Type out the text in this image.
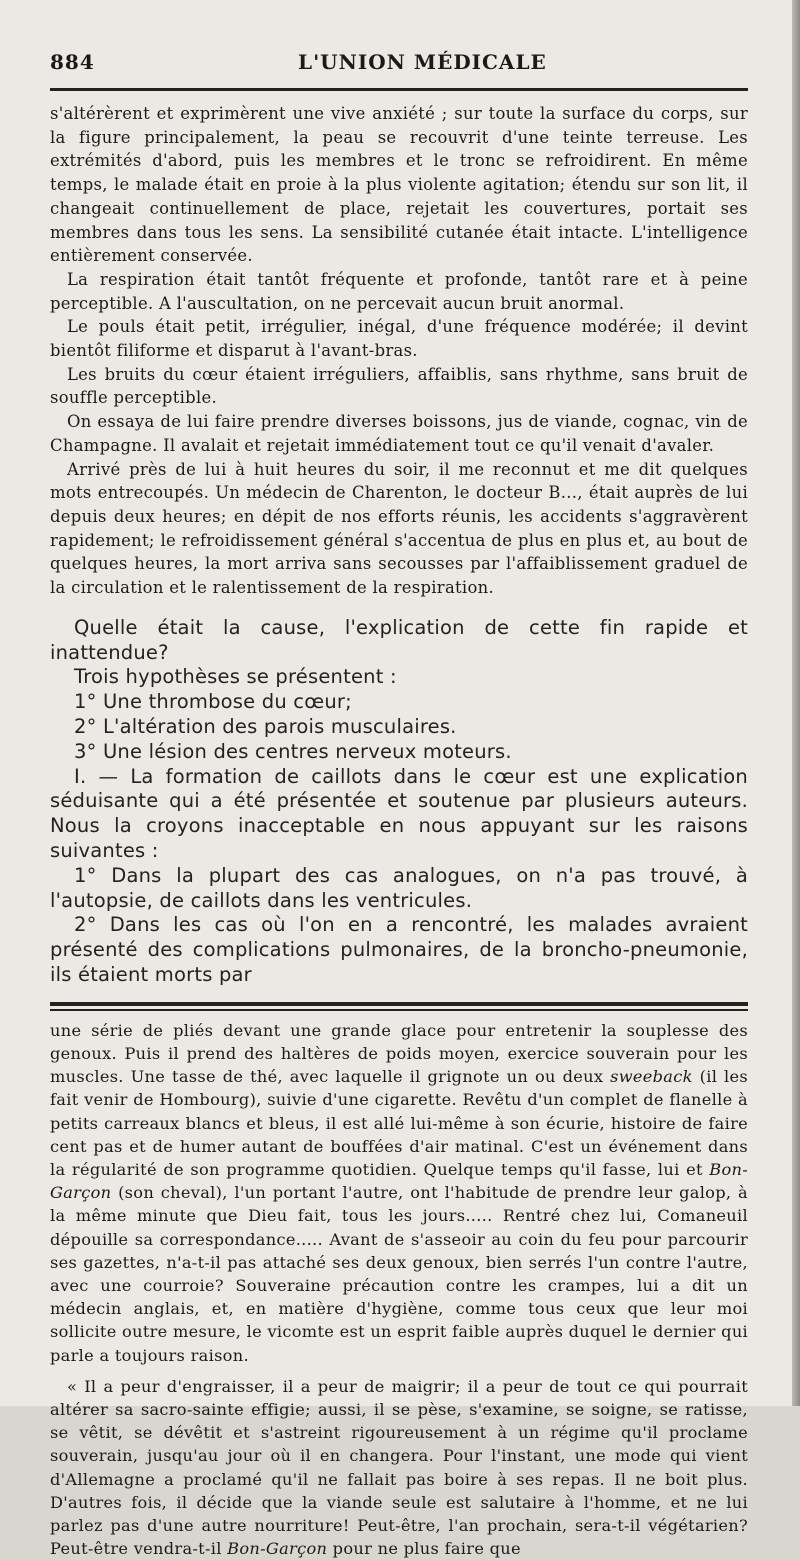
884	L'UNION MÉDICALE

s'altérèrent et exprimèrent une vive anxiété ; sur toute la surface du corps, sur la figure principalement, la peau se recouvrit d'une teinte terreuse. Les extrémités d'abord, puis les membres et le tronc se refroidirent. En même temps, le malade était en proie à la plus violente agitation; étendu sur son lit, il changeait continuellement de place, rejetait les couvertures, portait ses membres dans tous les sens. La sensibilité cutanée était intacte. L'intelligence entièrement conservée.

La respiration était tantôt fréquente et profonde, tantôt rare et à peine perceptible. A l'auscultation, on ne percevait aucun bruit anormal.

Le pouls était petit, irrégulier, inégal, d'une fréquence modérée; il devint bientôt filiforme et disparut à l'avant-bras.

Les bruits du cœur étaient irréguliers, affaiblis, sans rhythme, sans bruit de souffle perceptible.

On essaya de lui faire prendre diverses boissons, jus de viande, cognac, vin de Champagne. Il avalait et rejetait immédiatement tout ce qu'il venait d'avaler.

Arrivé près de lui à huit heures du soir, il me reconnut et me dit quelques mots entrecoupés. Un médecin de Charenton, le docteur B..., était auprès de lui depuis deux heures; en dépit de nos efforts réunis, les accidents s'aggravèrent rapidement; le refroidissement général s'accentua de plus en plus et, au bout de quelques heures, la mort arriva sans secousses par l'affaiblissement graduel de la circulation et le ralentissement de la respiration.

Quelle était la cause, l'explication de cette fin rapide et inattendue?

Trois hypothèses se présentent :

1° Une thrombose du cœur;

2° L'altération des parois musculaires.

3° Une lésion des centres nerveux moteurs.

I. — La formation de caillots dans le cœur est une explication séduisante qui a été présentée et soutenue par plusieurs auteurs. Nous la croyons inacceptable en nous appuyant sur les raisons suivantes :

1° Dans la plupart des cas analogues, on n'a pas trouvé, à l'autopsie, de caillots dans les ventricules.

2° Dans les cas où l'on en a rencontré, les malades avraient présenté des complications pulmonaires, de la broncho-pneumonie, ils étaient morts par

une série de pliés devant une grande glace pour entretenir la souplesse des genoux. Puis il prend des haltères de poids moyen, exercice souverain pour les muscles. Une tasse de thé, avec laquelle il grignote un ou deux sweeback (il les fait venir de Hombourg), suivie d'une cigarette. Revêtu d'un complet de flanelle à petits carreaux blancs et bleus, il est allé lui-même à son écurie, histoire de faire cent pas et de humer autant de bouffées d'air matinal. C'est un événement dans la régularité de son programme quotidien. Quelque temps qu'il fasse, lui et Bon-Garçon (son cheval), l'un portant l'autre, ont l'habitude de prendre leur galop, à la même minute que Dieu fait, tous les jours..... Rentré chez lui, Comaneuil dépouille sa correspondance..... Avant de s'asseoir au coin du feu pour parcourir ses gazettes, n'a-t-il pas attaché ses deux genoux, bien serrés l'un contre l'autre, avec une courroie? Souveraine précaution contre les crampes, lui a dit un médecin anglais, et, en matière d'hygiène, comme tous ceux que leur moi sollicite outre mesure, le vicomte est un esprit faible auprès duquel le dernier qui parle a toujours raison.

« Il a peur d'engraisser, il a peur de maigrir; il a peur de tout ce qui pourrait altérer sa sacro-sainte effigie; aussi, il se pèse, s'examine, se soigne, se ratisse, se vêtit, se dévêtit et s'astreint rigoureusement à un régime qu'il proclame souverain, jusqu'au jour où il en changera. Pour l'instant, une mode qui vient d'Allemagne a proclamé qu'il ne fallait pas boire à ses repas. Il ne boit plus. D'autres fois, il décide que la viande seule est salutaire à l'homme, et ne lui parlez pas d'une autre nourriture! Peut-être, l'an prochain, sera-t-il végétarien? Peut-être vendra-t-il Bon-Garçon pour ne plus faire que
